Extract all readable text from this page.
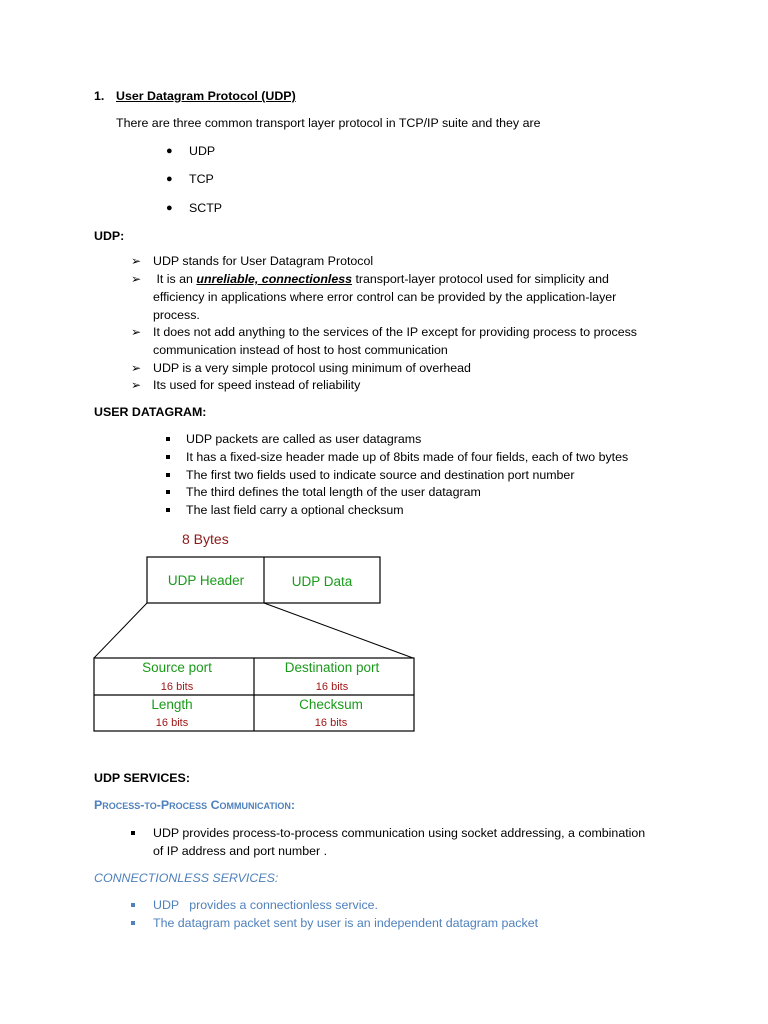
1. User Datagram Protocol (UDP)
There are three common transport layer protocol in TCP/IP suite and they are
● UDP
● TCP
● SCTP
UDP:
➢ UDP stands for User Datagram Protocol
➢ It is an unreliable, connectionless transport-layer protocol used for simplicity and
efficiency in applications where error control can be provided by the application-layer
process.
➢ It does not add anything to the services of the IP except for providing process to process
communication instead of host to host communication
➢ UDP is a very simple protocol using minimum of overhead
➢ Its used for speed instead of reliability
USER DATAGRAM:
UDP packets are called as user datagrams
It has a fixed-size header made up of 8bits made of four fields, each of two bytes
The first two fields used to indicate source and destination port number
The third defines the total length of the user datagram
The last field carry a optional checksum
8 Bytes
UDP Header	UDP Data
Source port
16 bits
Destination port
16 bits
Length
16 bits
Checksum
16 bits
UDP SERVICES:
Process-to-Process Communication:
UDP provides process-to-process communication using socket addressing, a combination
of IP address and port number .
CONNECTIONLESS SERVICES:
UDP   provides a connectionless service.
The datagram packet sent by user is an independent datagram packet
